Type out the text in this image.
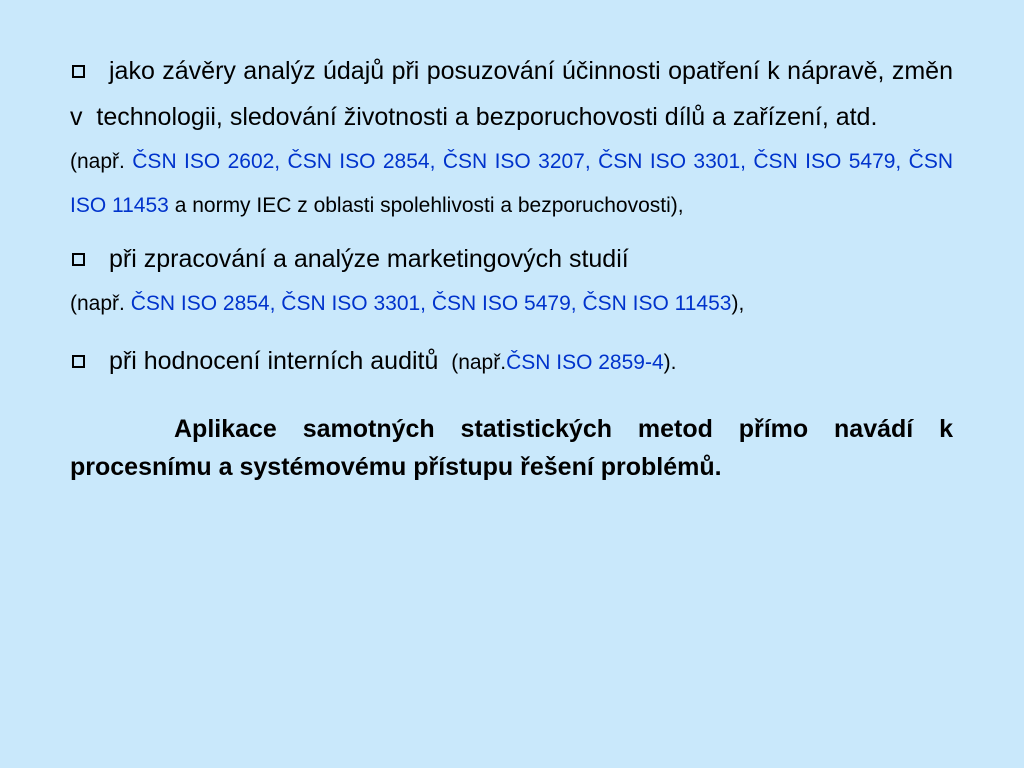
jako závěry analýz údajů při posuzování účinnosti opatření k nápravě, změn v  technologii, sledování životnosti a bezporuchovosti dílů a zařízení, atd.
(např. ČSN ISO 2602, ČSN ISO 2854, ČSN ISO 3207, ČSN ISO 3301, ČSN ISO 5479, ČSN ISO 11453 a normy IEC z oblasti spolehlivosti a bezporuchovosti),
při zpracování a analýze marketingových studií
(např. ČSN ISO 2854, ČSN ISO 3301, ČSN ISO 5479, ČSN ISO 11453),
při hodnocení interních auditů (např.ČSN ISO 2859-4).
Aplikace samotných statistických metod přímo navádí k procesnímu a systémovému přístupu řešení problémů.
